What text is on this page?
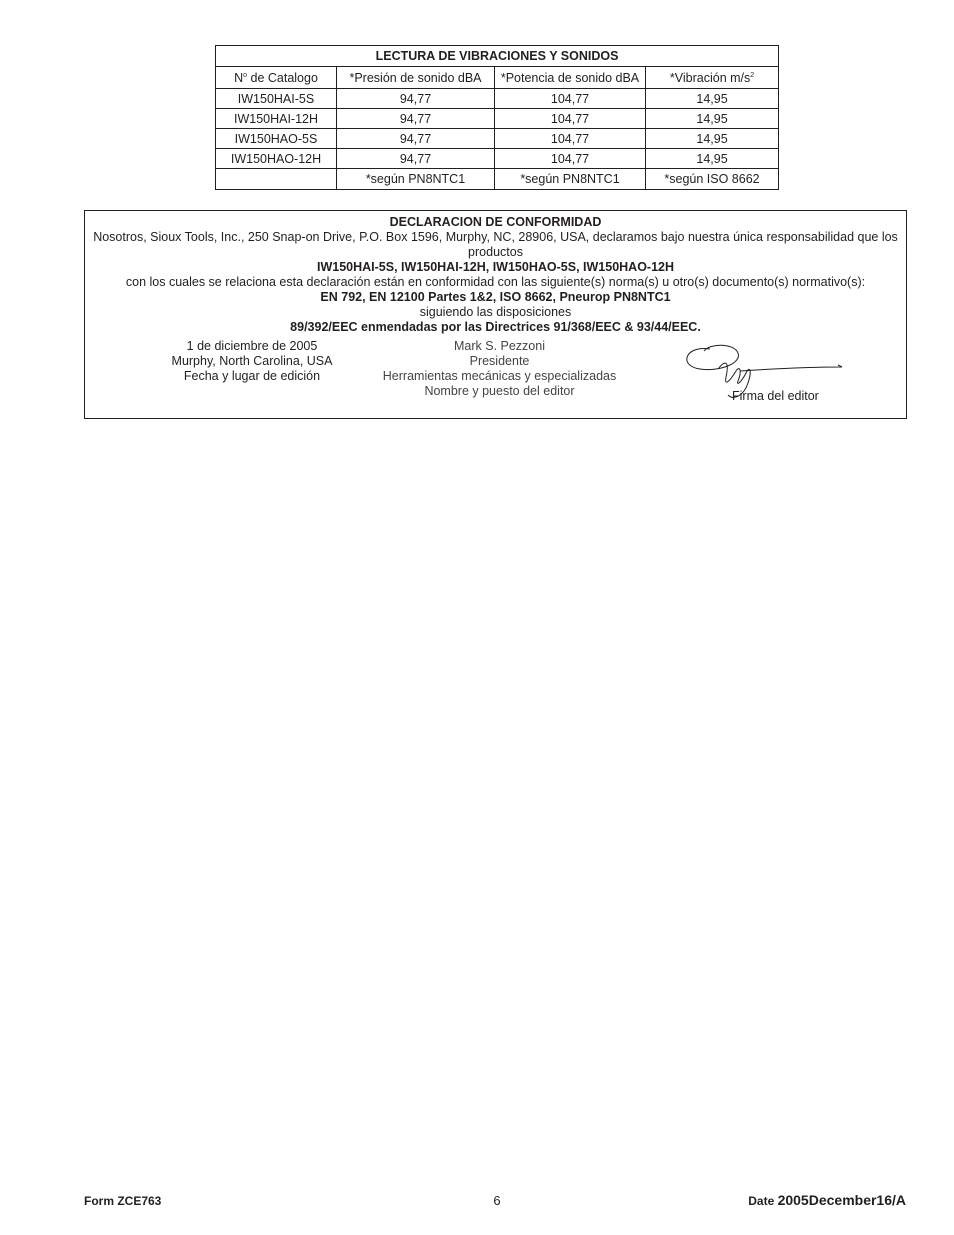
LECTURA DE VIBRACIONES Y SONIDOS			
$N^o$ de Catalogo	*Presión de sonido dBA	*Potencia de sonido dBA	*Vibración $m/s^2$
IW150HAI-5S	94,77	104,77	14,95
IW150HAI-12H	94,77	104,77	14,95
IW150HAO-5S	94,77	104,77	14,95
IW150HAO-12H	94,77	104,77	14,95
	*según PN8NTC1	*según PN8NTC1	*según ISO 8662
DECLARACION DE CONFORMIDAD
Nosotros, Sioux Tools, Inc., 250 Snap-on Drive, P.O. Box 1596, Murphy, NC, 28906, USA, declaramos bajo nuestra única responsabilidad que los
productos
IW150HAI-5S, IW150HAI-12H, IW150HAO-5S, IW150HAO-12H
con los cuales se relaciona esta declaración están en conformidad con las siguiente(s) norma(s) u otro(s) documento(s) normativo(s):
EN 792, EN 12100 Partes 1&2, ISO 8662, Pneurop PN8NTC1
siguiendo las disposiciones
89/392/EEC enmendadas por las Directrices 91/368/EEC & 93/44/EEC.
1 de diciembre de 2005
Murphy, North Carolina, USA
Fecha y lugar de edición
Mark S. Pezzoni
Presidente
Herramientas mecánicas y especializadas
Nombre y puesto del editor	Firma del editor
Form ZCE763	6	Date 2005December16/A
